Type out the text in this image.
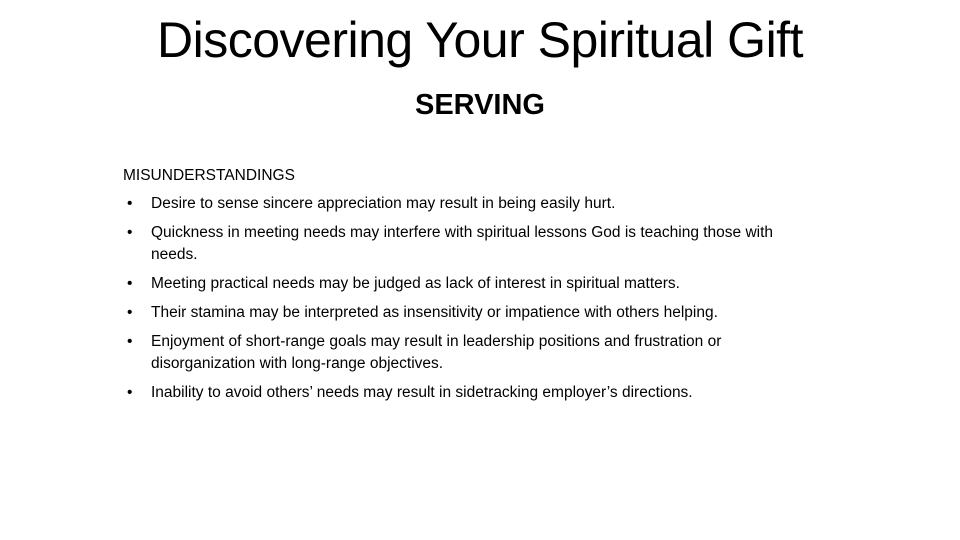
Discovering Your Spiritual Gift
SERVING
MISUNDERSTANDINGS
•	Desire to sense sincere appreciation may result in being easily hurt.
•	Quickness in meeting needs may interfere with spiritual lessons God is teaching those with needs.
•	Meeting practical needs may be judged as lack of interest in spiritual matters.
•	Their stamina may be interpreted as insensitivity or impatience with others helping.
•	Enjoyment of short-range goals may result in leadership positions and frustration or disorganization with long-range objectives.
•	Inability to avoid others’ needs may result in sidetracking employer’s directions.
